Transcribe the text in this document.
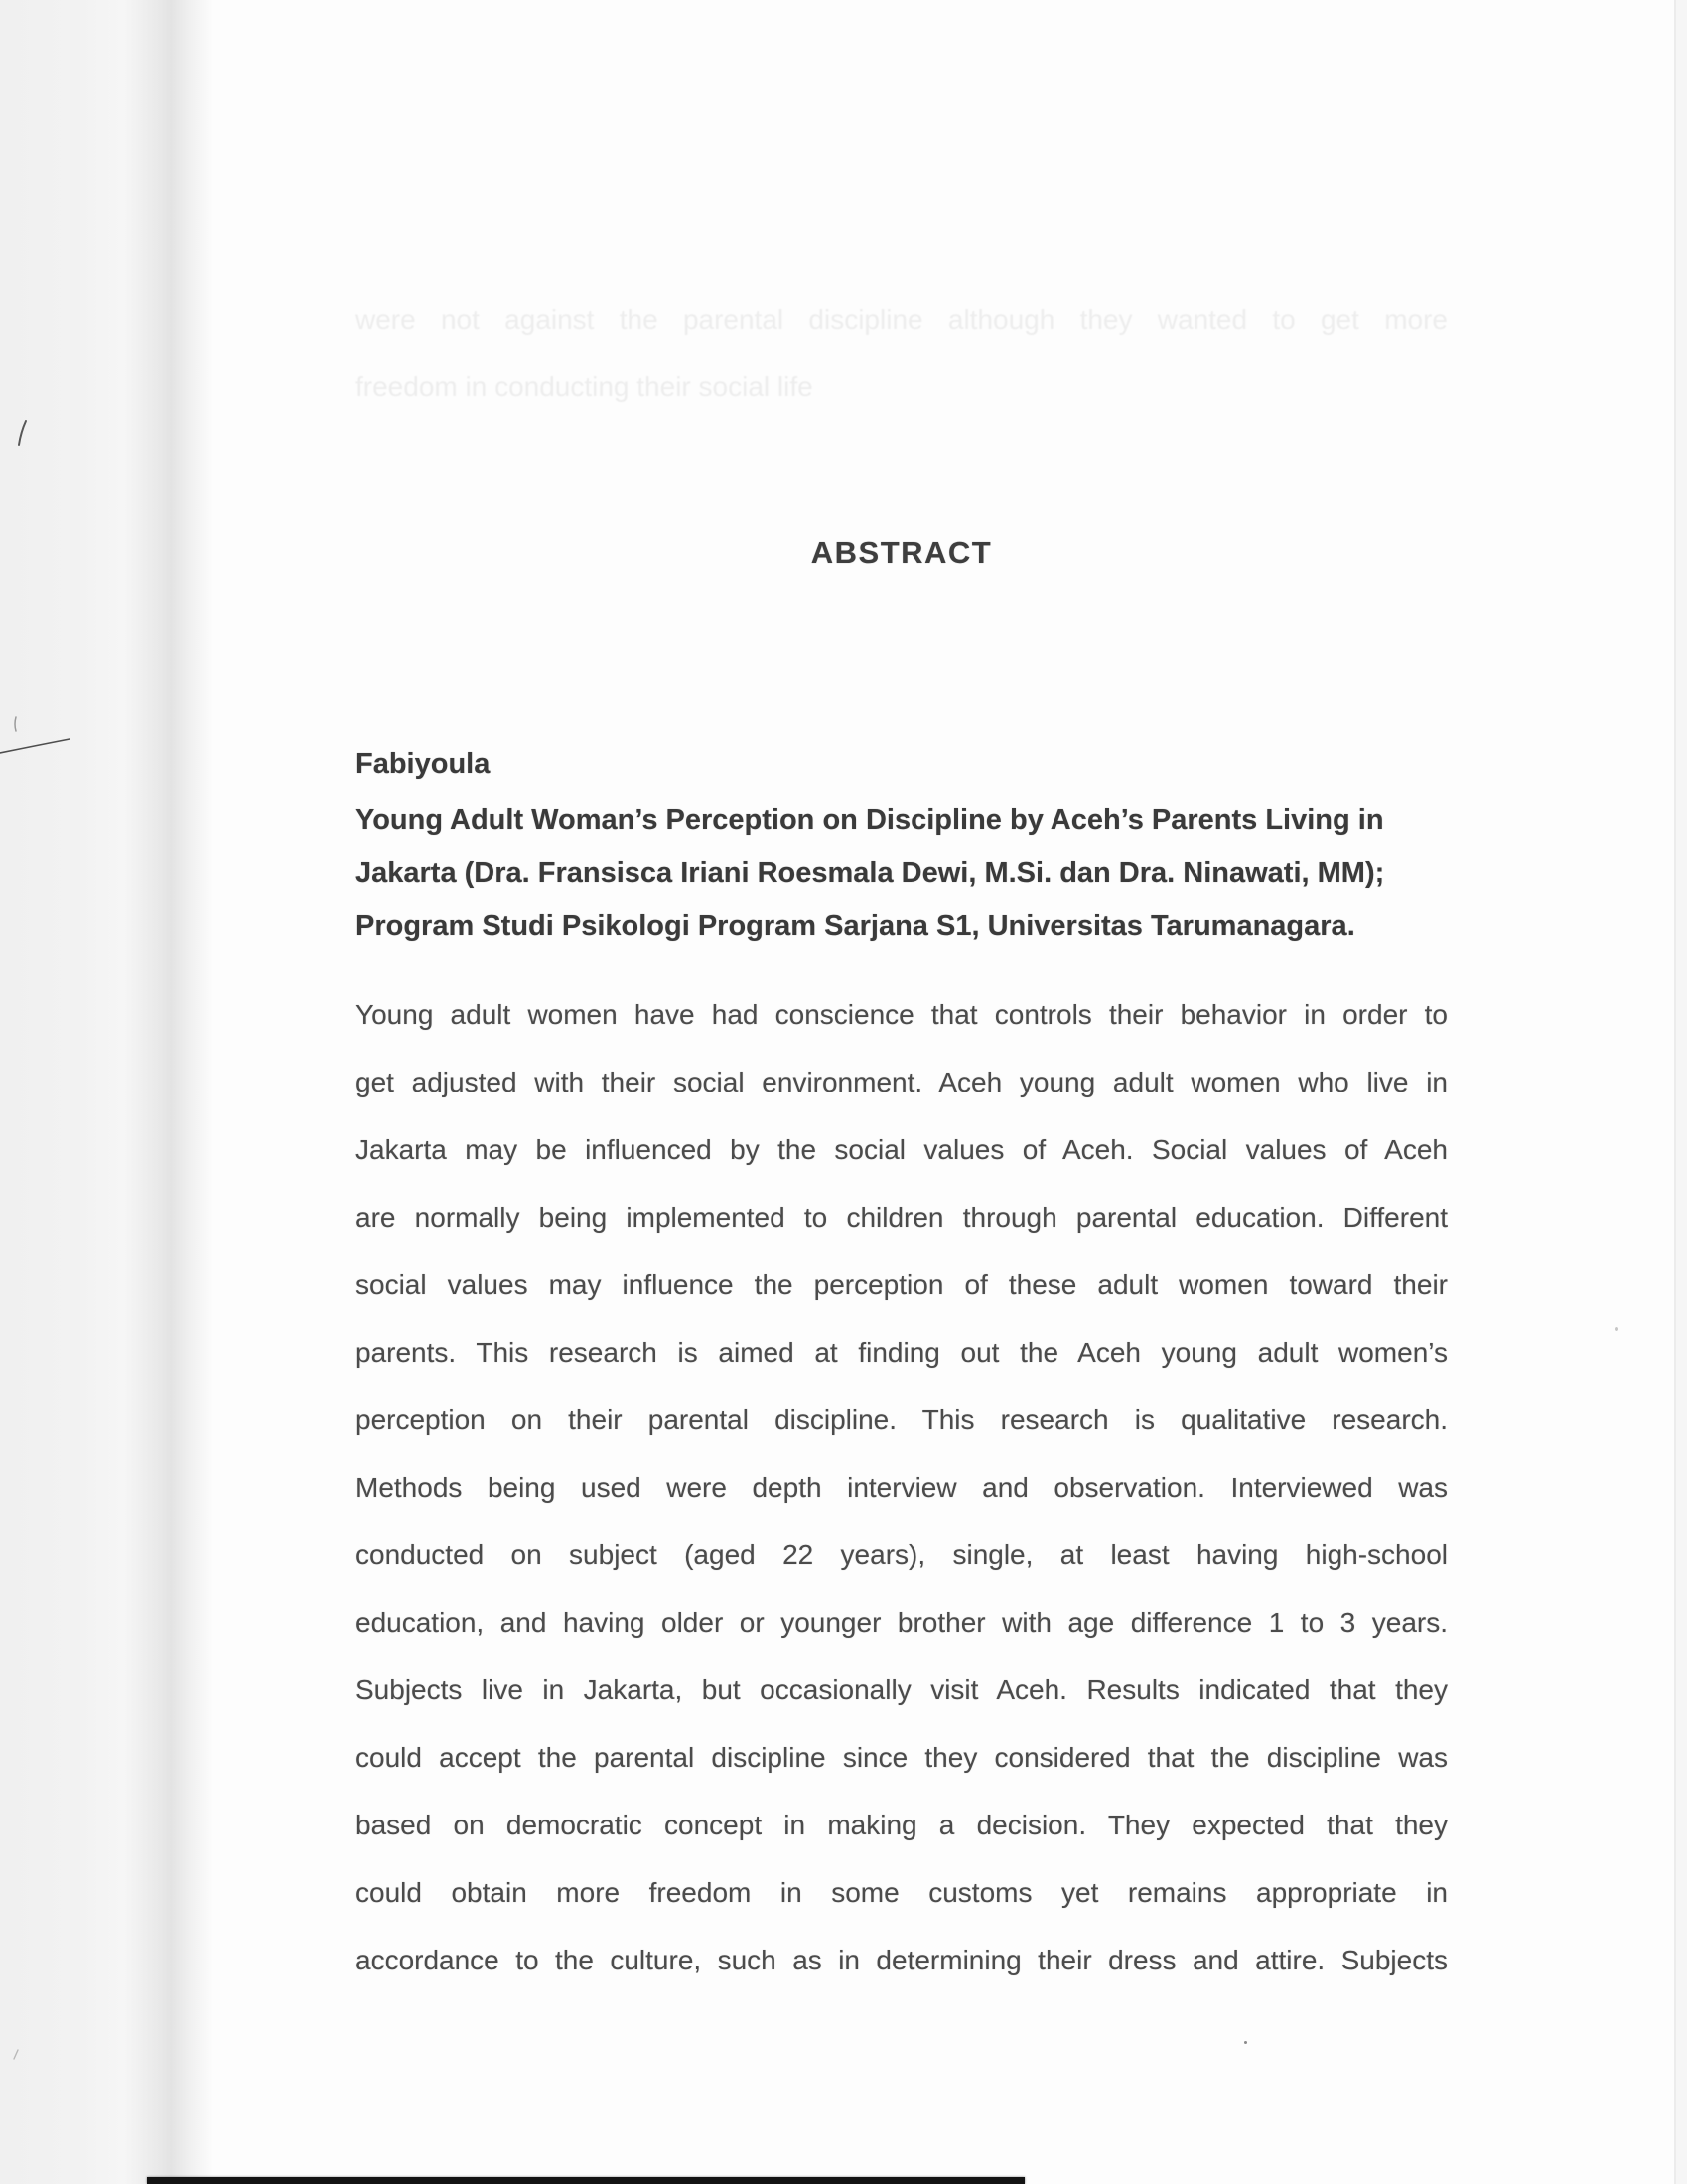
were not against the parental discipline although they wanted to get more
freedom in conducting their social life
ABSTRACT
Fabiyoula
Young Adult Woman’s Perception on Discipline by Aceh’s Parents Living in
Jakarta (Dra. Fransisca Iriani Roesmala Dewi, M.Si. dan Dra. Ninawati, MM);
Program Studi Psikologi Program Sarjana S1, Universitas Tarumanagara.
Young adult women have had conscience that controls their behavior in order to
get adjusted with their social environment. Aceh young adult women who live in
Jakarta may be influenced by the social values of Aceh. Social values of Aceh
are normally being implemented to children through parental education. Different
social values may influence the perception of these adult women toward their
parents. This research is aimed at finding out the Aceh young adult women’s
perception on their parental discipline. This research is qualitative research.
Methods being used were depth interview and observation. Interviewed was
conducted on subject (aged 22 years), single, at least having high-school
education, and having older or younger brother with age difference 1 to 3 years.
Subjects live in Jakarta, but occasionally visit Aceh. Results indicated that they
could accept the parental discipline since they considered that the discipline was
based on democratic concept in making a decision. They expected that they
could obtain more freedom in some customs yet remains appropriate in
accordance to the culture, such as in determining their dress and attire. Subjects
